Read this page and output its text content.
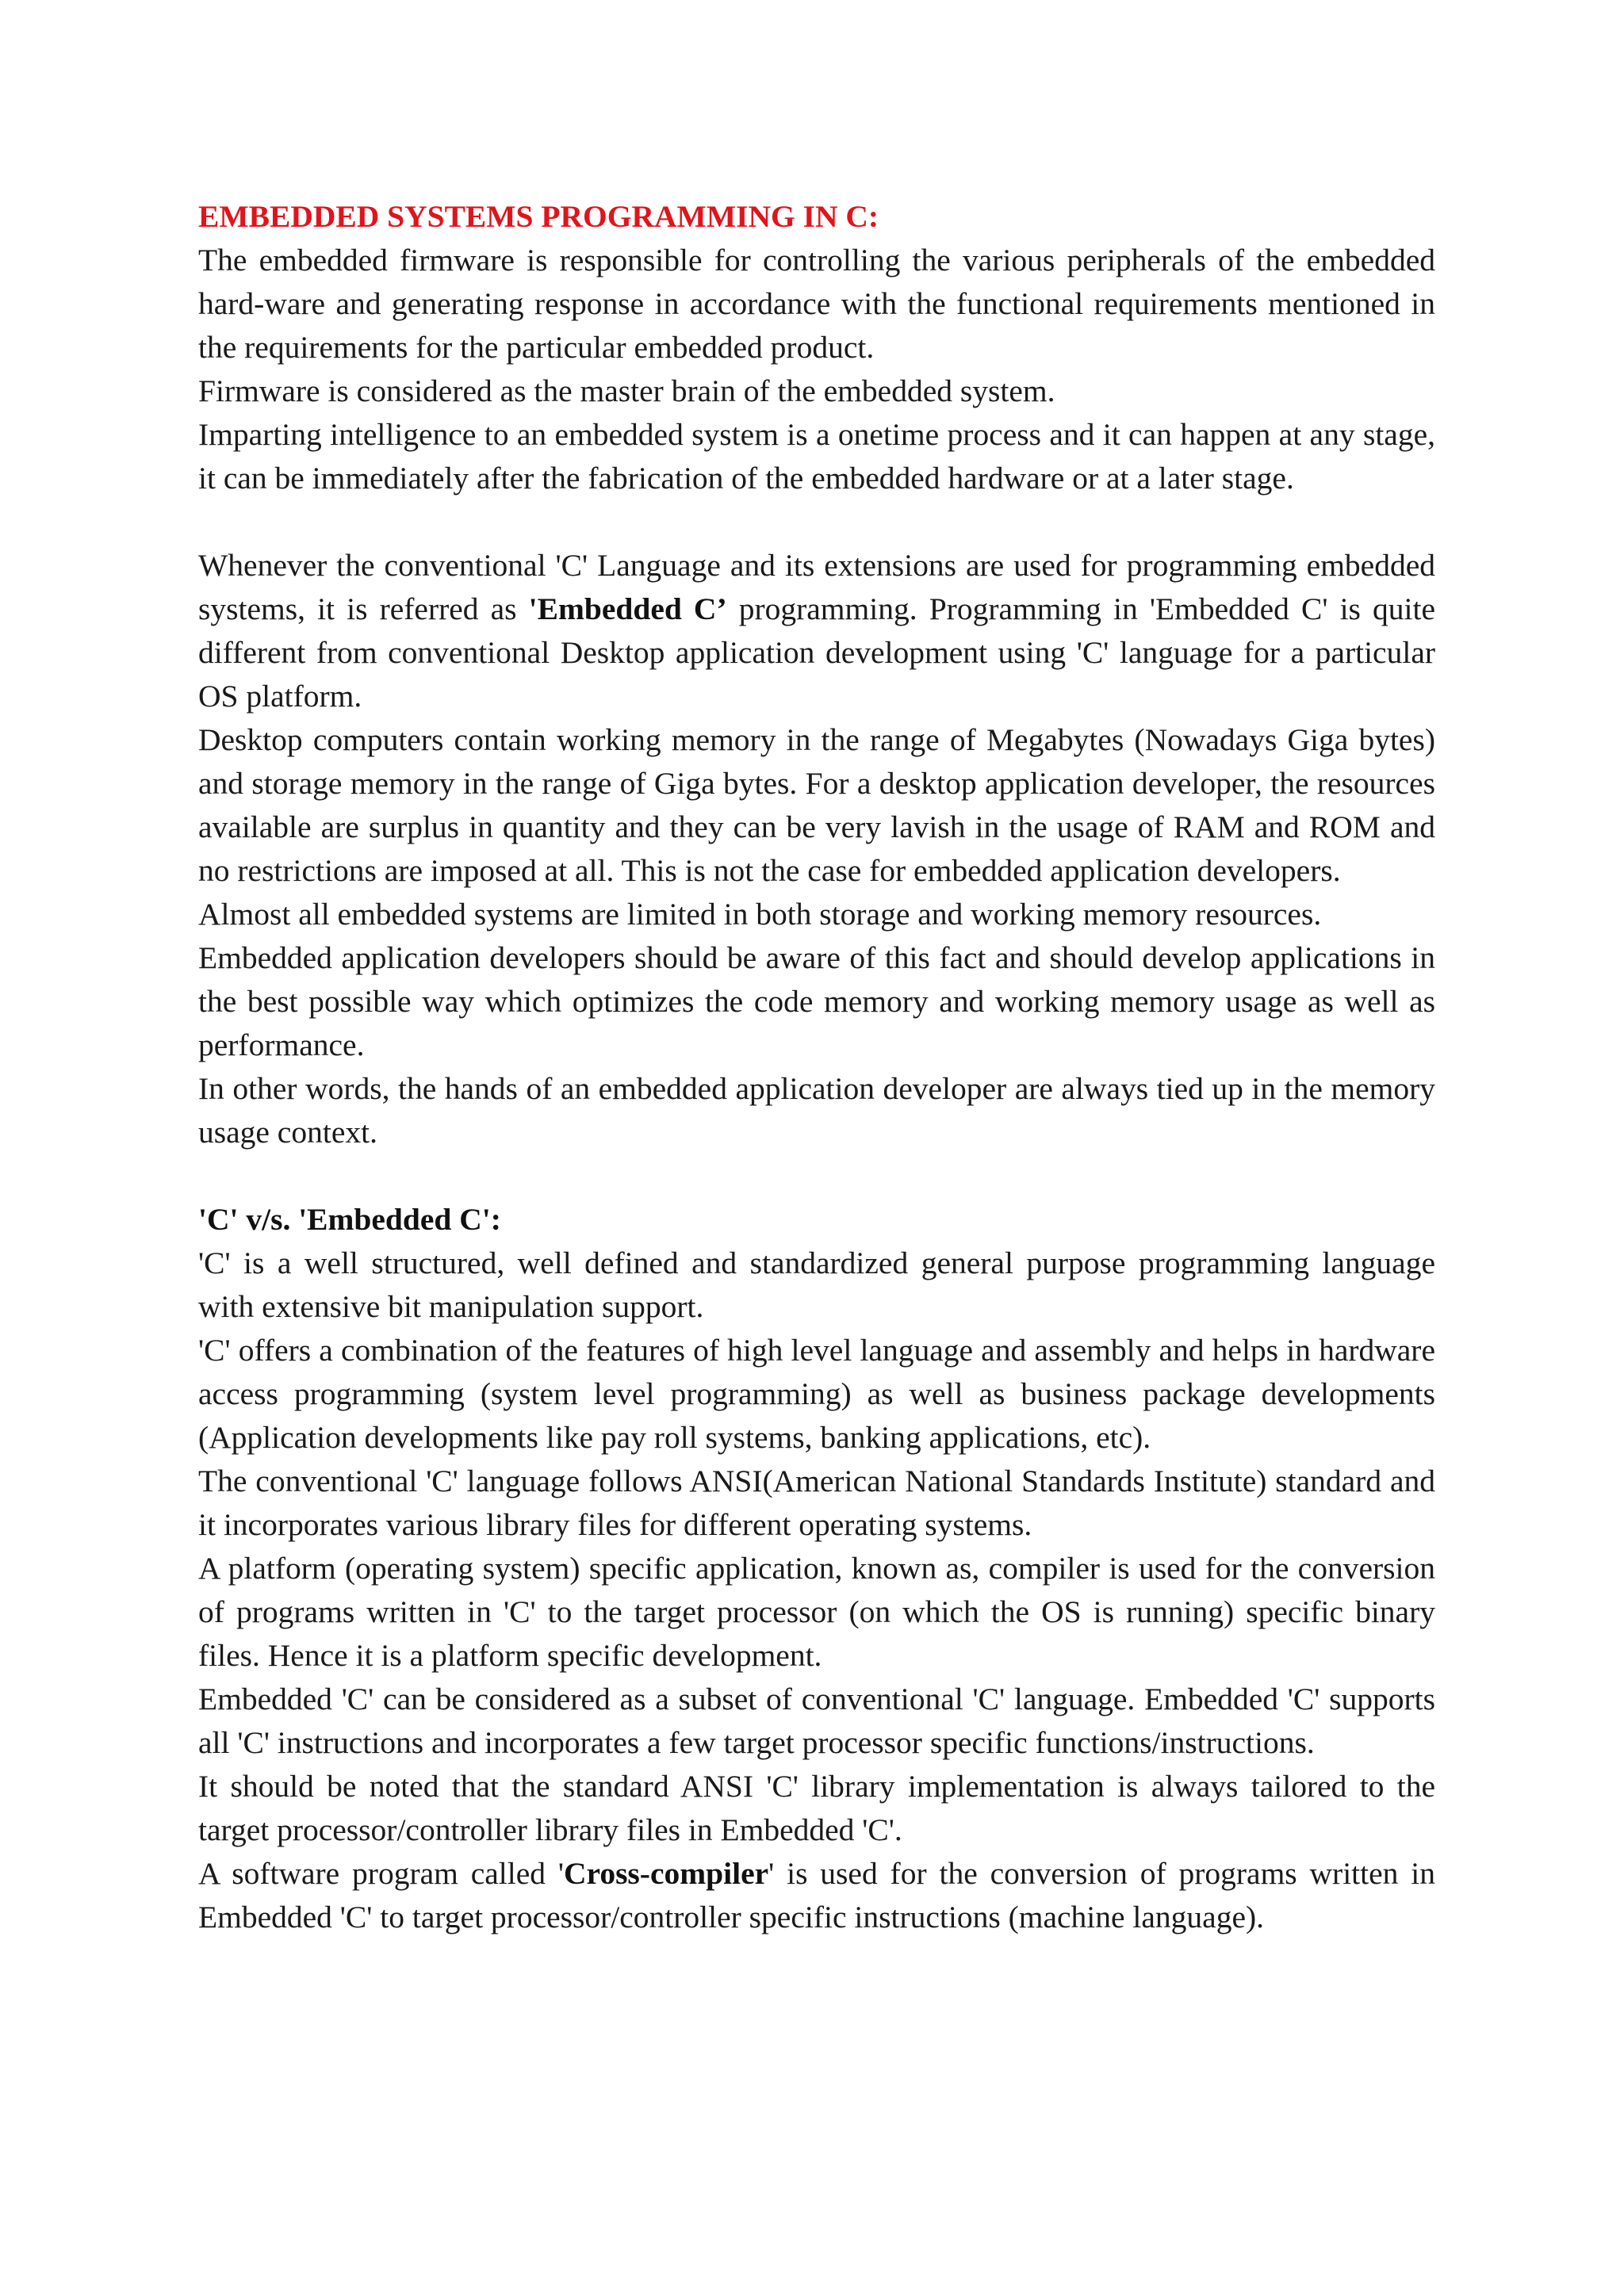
EMBEDDED SYSTEMS PROGRAMMING IN C:

The embedded firmware is responsible for controlling the various peripherals of the embedded hard-ware and generating response in accordance with the functional requirements mentioned in the requirements for the particular embedded product.

Firmware is considered as the master brain of the embedded system.

Imparting intelligence to an embedded system is a onetime process and it can happen at any stage, it can be immediately after the fabrication of the embedded hardware or at a later stage.

Whenever the conventional 'C' Language and its extensions are used for programming embedded systems, it is referred as 'Embedded C’ programming. Programming in 'Embedded C' is quite different from conventional Desktop application development using 'C' language for a particular OS platform.

Desktop computers contain working memory in the range of Megabytes (Nowadays Giga bytes) and storage memory in the range of Giga bytes. For a desktop application developer, the resources available are surplus in quantity and they can be very lavish in the usage of RAM and ROM and no restrictions are imposed at all. This is not the case for embedded application developers.

Almost all embedded systems are limited in both storage and working memory resources.

Embedded application developers should be aware of this fact and should develop applications in the best possible way which optimizes the code memory and working memory usage as well as performance.

In other words, the hands of an embedded application developer are always tied up in the memory usage context.

'C' v/s. 'Embedded C':

'C' is a well structured, well defined and standardized general purpose programming language with extensive bit manipulation support.

'C' offers a combination of the features of high level language and assembly and helps in hardware access programming (system level programming) as well as business package developments (Application developments like pay roll systems, banking applications, etc).

The conventional 'C' language follows ANSI(American National Standards Institute) standard and it incorporates various library files for different operating systems.

A platform (operating system) specific application, known as, compiler is used for the conversion of programs written in 'C' to the target processor (on which the OS is running) specific binary files. Hence it is a platform specific development.

Embedded 'C' can be considered as a subset of conventional 'C' language. Embedded 'C' supports all 'C' instructions and incorporates a few target processor specific functions/instructions.

It should be noted that the standard ANSI 'C' library implementation is always tailored to the target processor/controller library files in Embedded 'C'.

A software program called 'Cross-compiler' is used for the conversion of programs written in Embedded 'C' to target processor/controller specific instructions (machine language).
